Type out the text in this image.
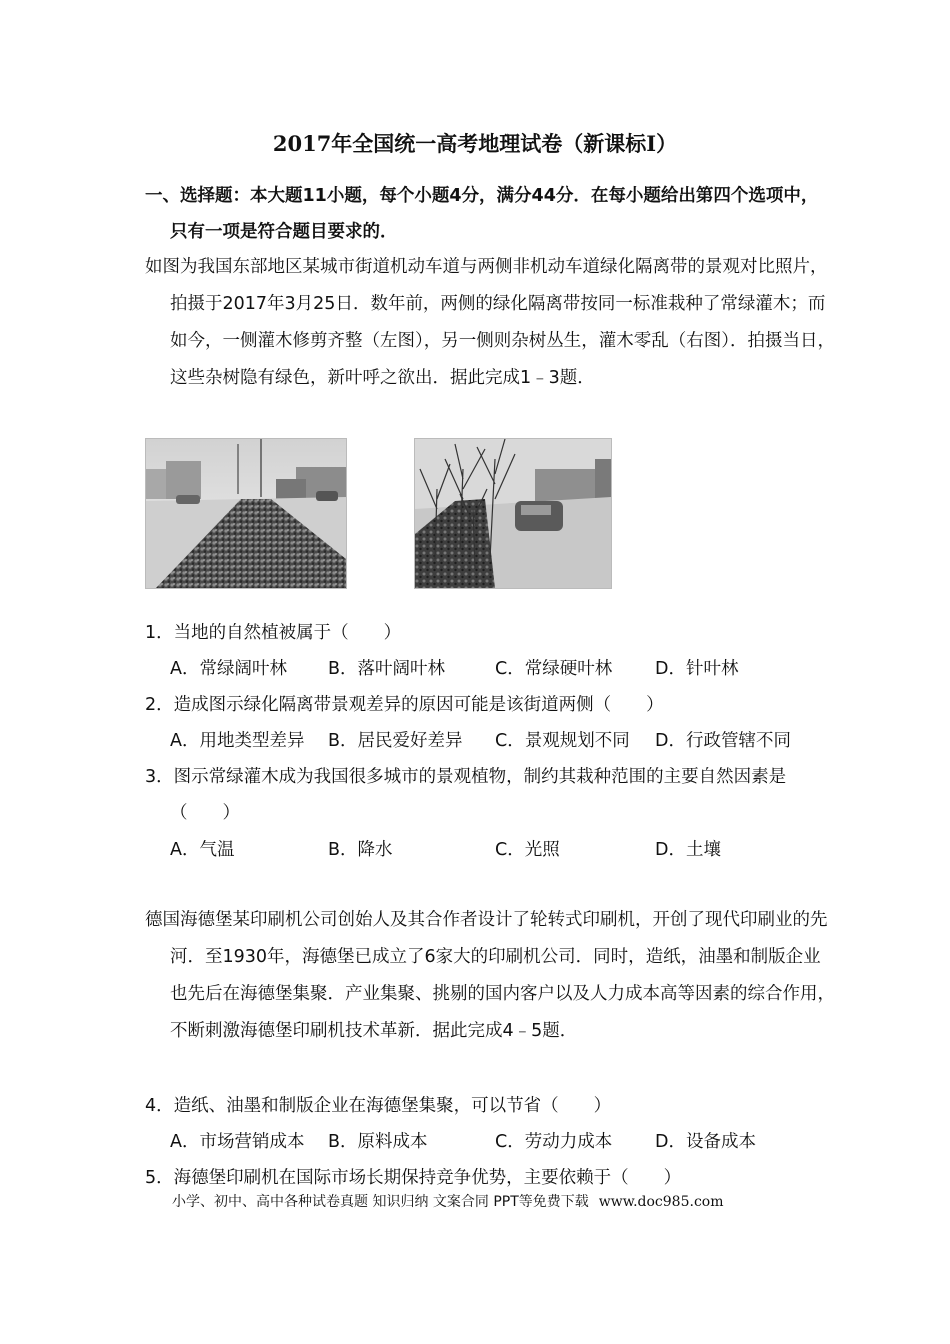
2017年全国统一高考地理试卷（新课标I）
一、选择题：本大题11小题，每个小题4分，满分44分．在每小题给出第四个选项中，只有一项是符合题目要求的．
如图为我国东部地区某城市街道机动车道与两侧非机动车道绿化隔离带的景观对比照片，拍摄于2017年3月25日．数年前，两侧的绿化隔离带按同一标准栽种了常绿灌木；而如今，一侧灌木修剪齐整（左图），另一侧则杂树丛生，灌木零乱（右图）．拍摄当日，这些杂树隐有绿色，新叶呼之欲出．据此完成1﹣3题．
1．当地的自然植被属于（　　）
A．常绿阔叶林 B．落叶阔叶林	C．常绿硬叶林 D．针叶林
2．造成图示绿化隔离带景观差异的原因可能是该街道两侧（　　）
A．用地类型差异 B．居民爱好差异 C．景观规划不同 D．行政管辖不同
3．图示常绿灌木成为我国很多城市的景观植物，制约其栽种范围的主要自然因素是（　　）
A．气温	B．降水	C．光照	D．土壤
德国海德堡某印刷机公司创始人及其合作者设计了轮转式印刷机，开创了现代印刷业的先河．至1930年，海德堡已成立了6家大的印刷机公司．同时，造纸，油墨和制版企业也先后在海德堡集聚．产业集聚、挑剔的国内客户以及人力成本高等因素的综合作用，不断刺激海德堡印刷机技术革新．据此完成4﹣5题．
4．造纸、油墨和制版企业在海德堡集聚，可以节省（　　）
A．市场营销成本 B．原料成本	C．劳动力成本 D．设备成本
5．海德堡印刷机在国际市场长期保持竞争优势，主要依赖于（　　）
小学、初中、高中各种试卷真题 知识归纳 文案合同 PPT等免费下载 www.doc985.com
